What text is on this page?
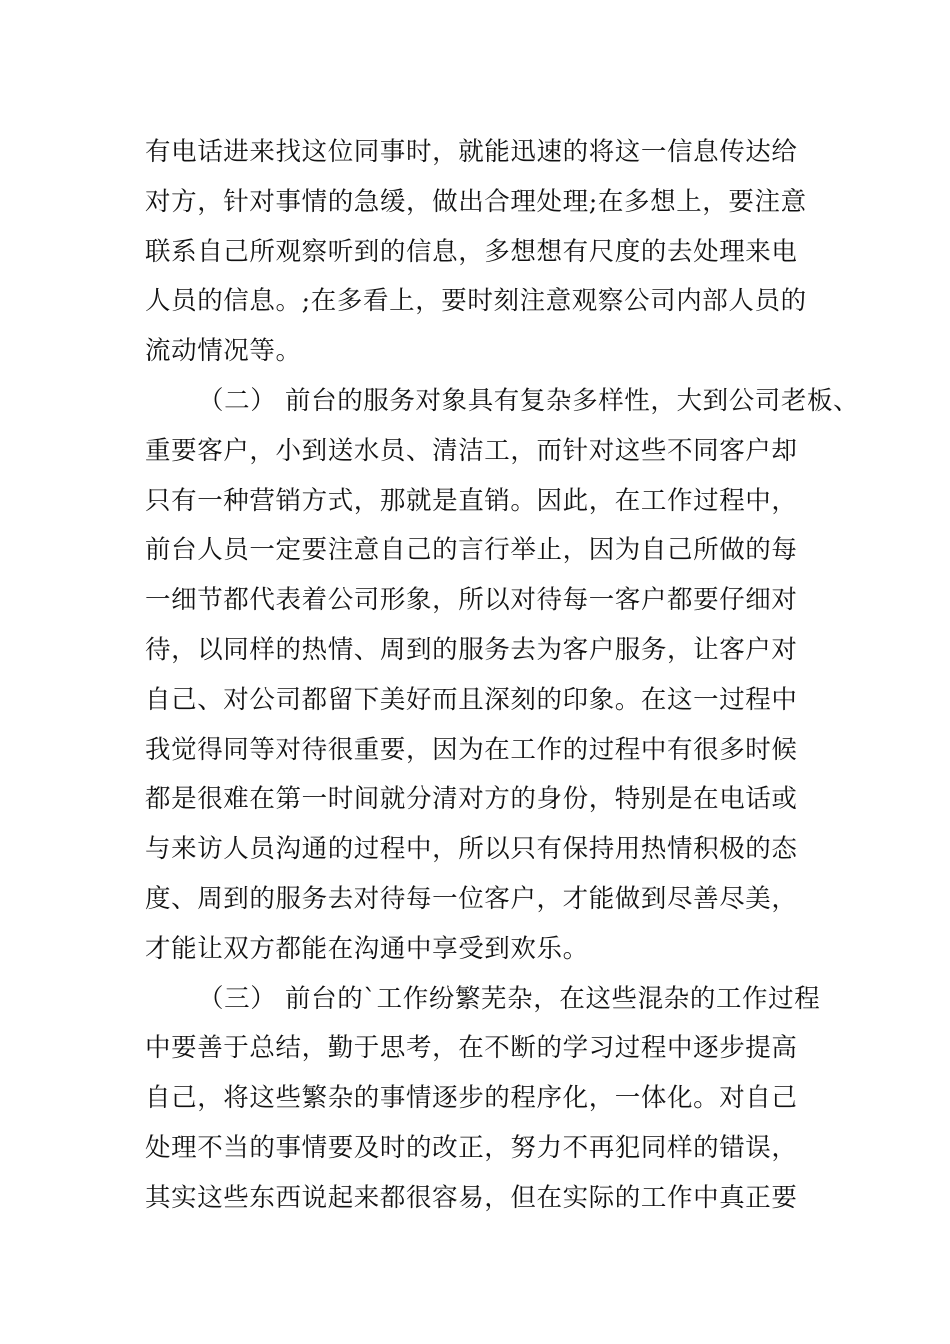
有电话进来找这位同事时，就能迅速的将这一信息传达给
对方，针对事情的急缓，做出合理处理;在多想上，要注意
联系自己所观察听到的信息，多想想有尺度的去处理来电
人员的信息。;在多看上，要时刻注意观察公司内部人员的
流动情况等。
（二） 前台的服务对象具有复杂多样性，大到公司老板、
重要客户，小到送水员、清洁工，而针对这些不同客户却
只有一种营销方式，那就是直销。因此，在工作过程中，
前台人员一定要注意自己的言行举止，因为自己所做的每
一细节都代表着公司形象，所以对待每一客户都要仔细对
待，以同样的热情、周到的服务去为客户服务，让客户对
自己、对公司都留下美好而且深刻的印象。在这一过程中
我觉得同等对待很重要，因为在工作的过程中有很多时候
都是很难在第一时间就分清对方的身份，特别是在电话或
与来访人员沟通的过程中，所以只有保持用热情积极的态
度、周到的服务去对待每一位客户，才能做到尽善尽美，
才能让双方都能在沟通中享受到欢乐。
（三） 前台的`工作纷繁芜杂，在这些混杂的工作过程
中要善于总结，勤于思考，在不断的学习过程中逐步提高
自己，将这些繁杂的事情逐步的程序化，一体化。对自己
处理不当的事情要及时的改正，努力不再犯同样的错误，
其实这些东西说起来都很容易，但在实际的工作中真正要
